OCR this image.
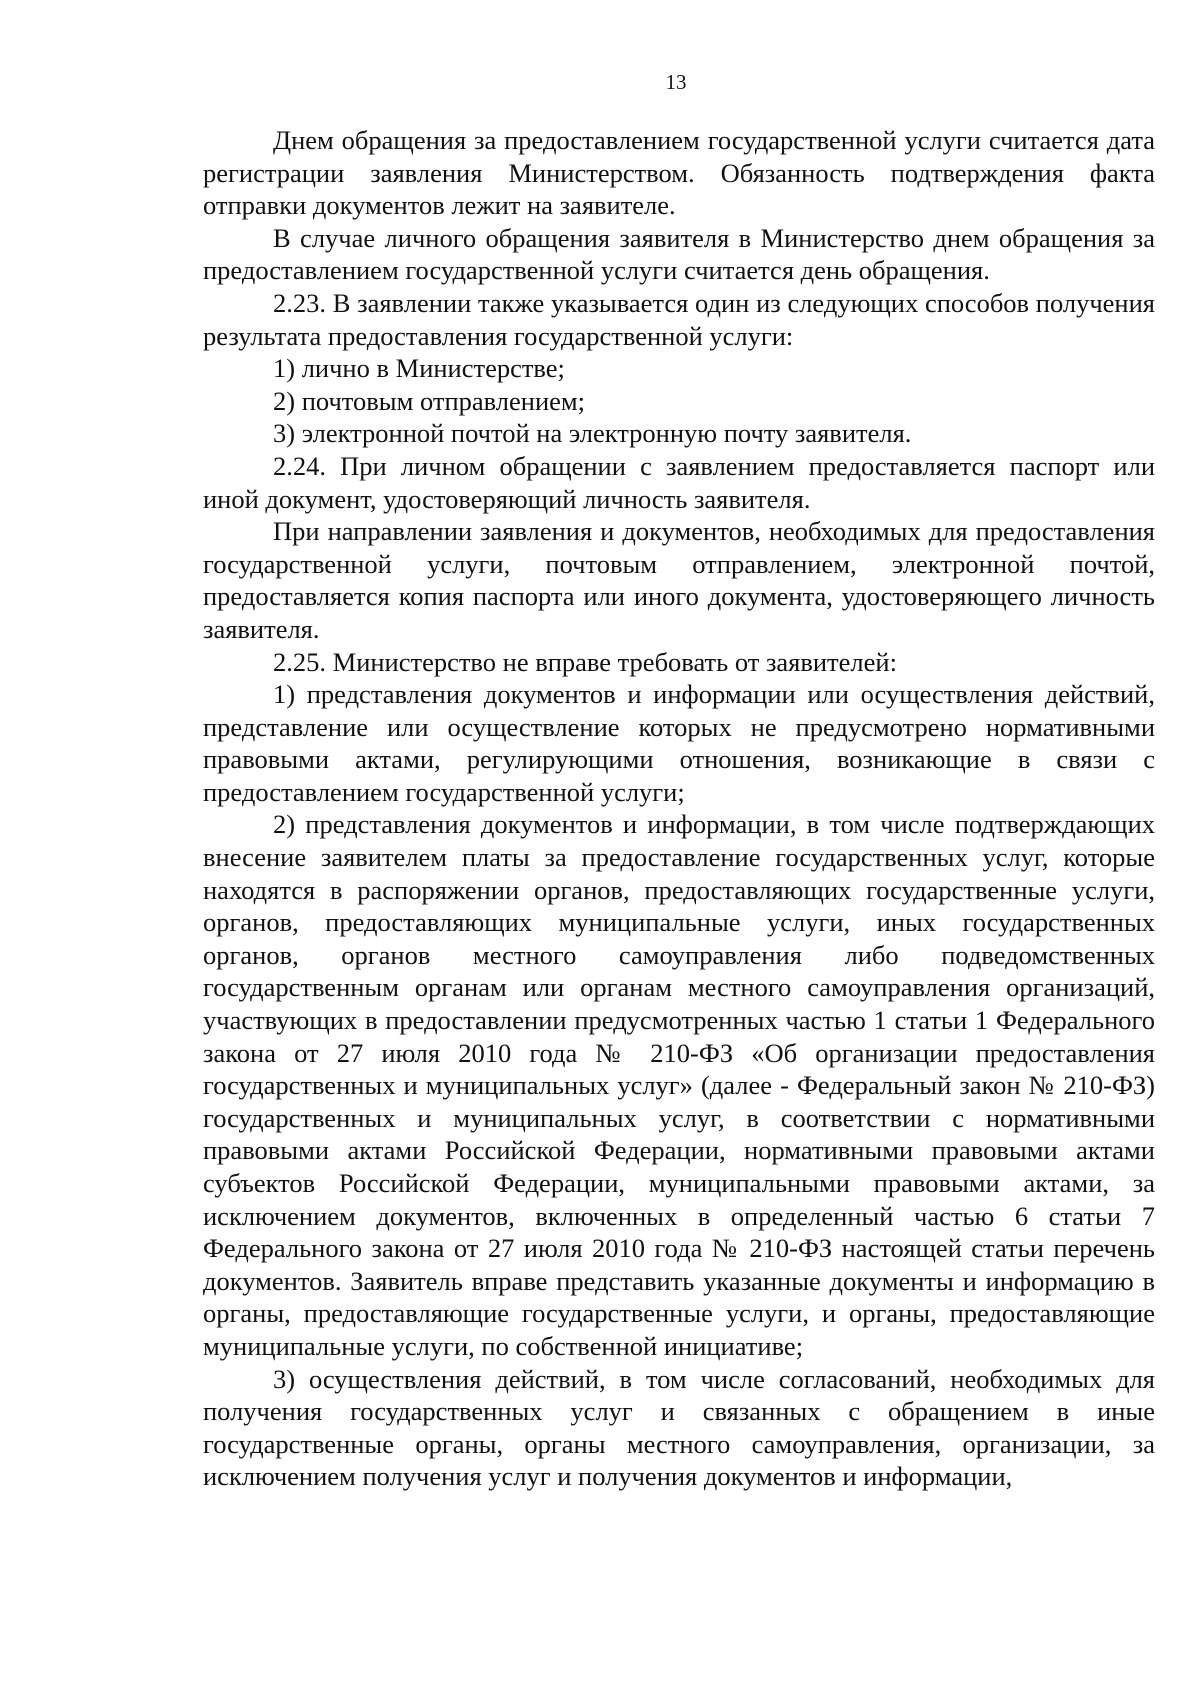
13

Днем обращения за предоставлением государственной услуги считается дата регистрации заявления Министерством. Обязанность подтверждения факта отправки документов лежит на заявителе.

В случае личного обращения заявителя в Министерство днем обращения за предоставлением государственной услуги считается день обращения.

2.23. В заявлении также указывается один из следующих способов получения результата предоставления государственной услуги:

1) лично в Министерстве;

2) почтовым отправлением;

3) электронной почтой на электронную почту заявителя.

2.24. При личном обращении с заявлением предоставляется паспорт или иной документ, удостоверяющий личность заявителя.

При направлении заявления и документов, необходимых для предоставления государственной услуги, почтовым отправлением, электронной почтой, предоставляется копия паспорта или иного документа, удостоверяющего личность заявителя.

2.25. Министерство не вправе требовать от заявителей:

1) представления документов и информации или осуществления действий, представление или осуществление которых не предусмотрено нормативными правовыми актами, регулирующими отношения, возникающие в связи с предоставлением государственной услуги;

2) представления документов и информации, в том числе подтверждающих внесение заявителем платы за предоставление государственных услуг, которые находятся в распоряжении органов, предоставляющих государственные услуги, органов, предоставляющих муниципальные услуги, иных государственных органов, органов местного самоуправления либо подведомственных государственным органам или органам местного самоуправления организаций, участвующих в предоставлении предусмотренных частью 1 статьи 1 Федерального закона от 27 июля 2010 года № 210-ФЗ «Об организации предоставления государственных и муниципальных услуг» (далее - Федеральный закон № 210-ФЗ) государственных и муниципальных услуг, в соответствии с нормативными правовыми актами Российской Федерации, нормативными правовыми актами субъектов Российской Федерации, муниципальными правовыми актами, за исключением документов, включенных в определенный частью 6 статьи 7 Федерального закона от 27 июля 2010 года № 210-ФЗ настоящей статьи перечень документов. Заявитель вправе представить указанные документы и информацию в органы, предоставляющие государственные услуги, и органы, предоставляющие муниципальные услуги, по собственной инициативе;

3) осуществления действий, в том числе согласований, необходимых для получения государственных услуг и связанных с обращением в иные государственные органы, органы местного самоуправления, организации, за исключением получения услуг и получения документов и информации,
